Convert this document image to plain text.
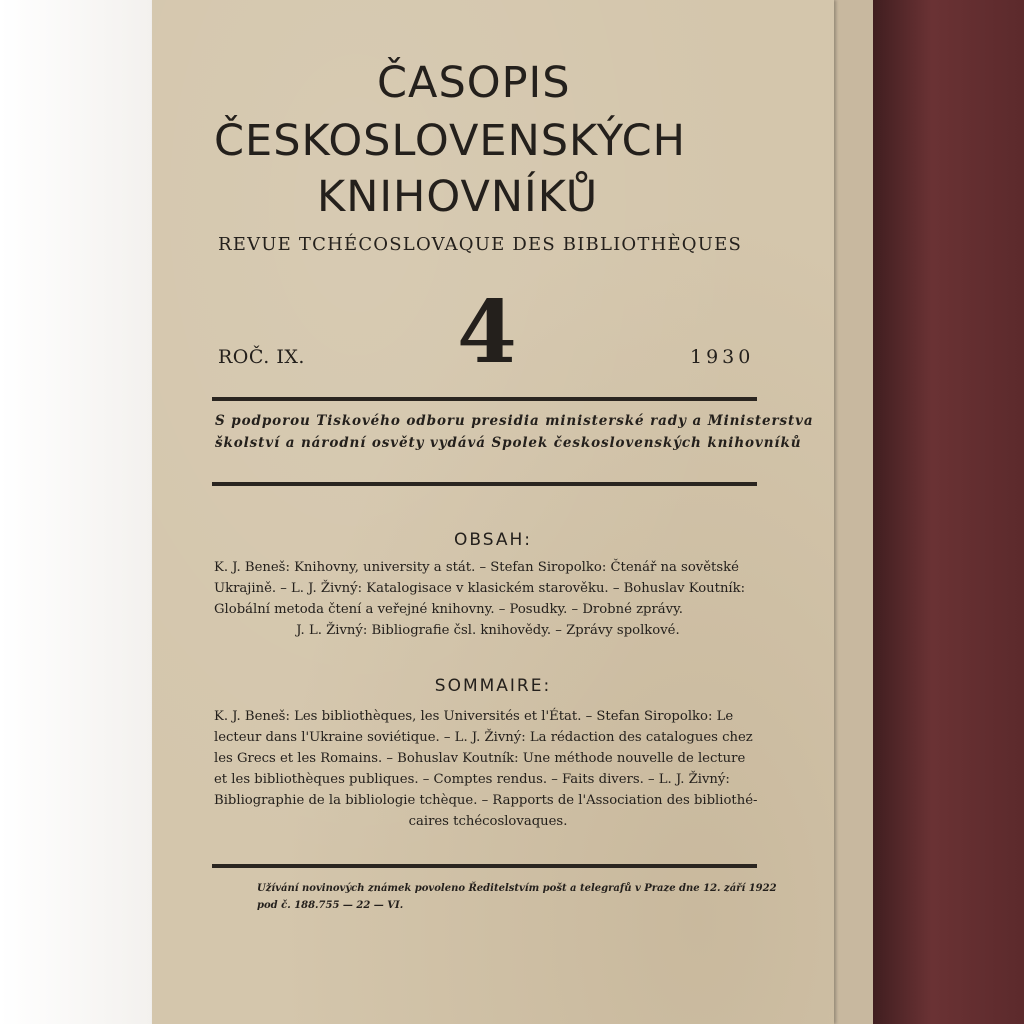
ČASOPIS
ČESKOSLOVENSKÝCH
KNIHOVNÍKŮ
REVUE TCHÉCOSLOVAQUE DES BIBLIOTHÈQUES
ROČ. IX. 4	1930
S podporou Tiskového odboru presidia ministerské rady a Ministerstva
školství a národní osvěty vydává Spolek československých knihovníků
OBSAH:
K. J. Beneš: Knihovny, university a stát. – Stefan Siropolko: Čtenář na sovětské
Ukrajině. – L. J. Živný: Katalogisace v klasickém starověku. – Bohuslav Koutník:
Globální metoda čtení a veřejné knihovny. – Posudky. – Drobné zprávy.
J. L. Živný: Bibliografie čsl. knihovědy. – Zprávy spolkové.
SOMMAIRE:
K. J. Beneš: Les bibliothèques, les Universités et l'État. – Stefan Siropolko: Le
lecteur dans l'Ukraine soviétique. – L. J. Živný: La rédaction des catalogues chez
les Grecs et les Romains. – Bohuslav Koutník: Une méthode nouvelle de lecture
et les bibliothèques publiques. – Comptes rendus. – Faits divers. – L. J. Živný:
Bibliographie de la bibliologie tchèque. – Rapports de l'Association des bibliothé-
caires tchécoslovaques.
Užívání novinových známek povoleno Ředitelstvím pošt a telegrafů v Praze dne 12. září 1922
pod č. 188.755 — 22 — VI.
